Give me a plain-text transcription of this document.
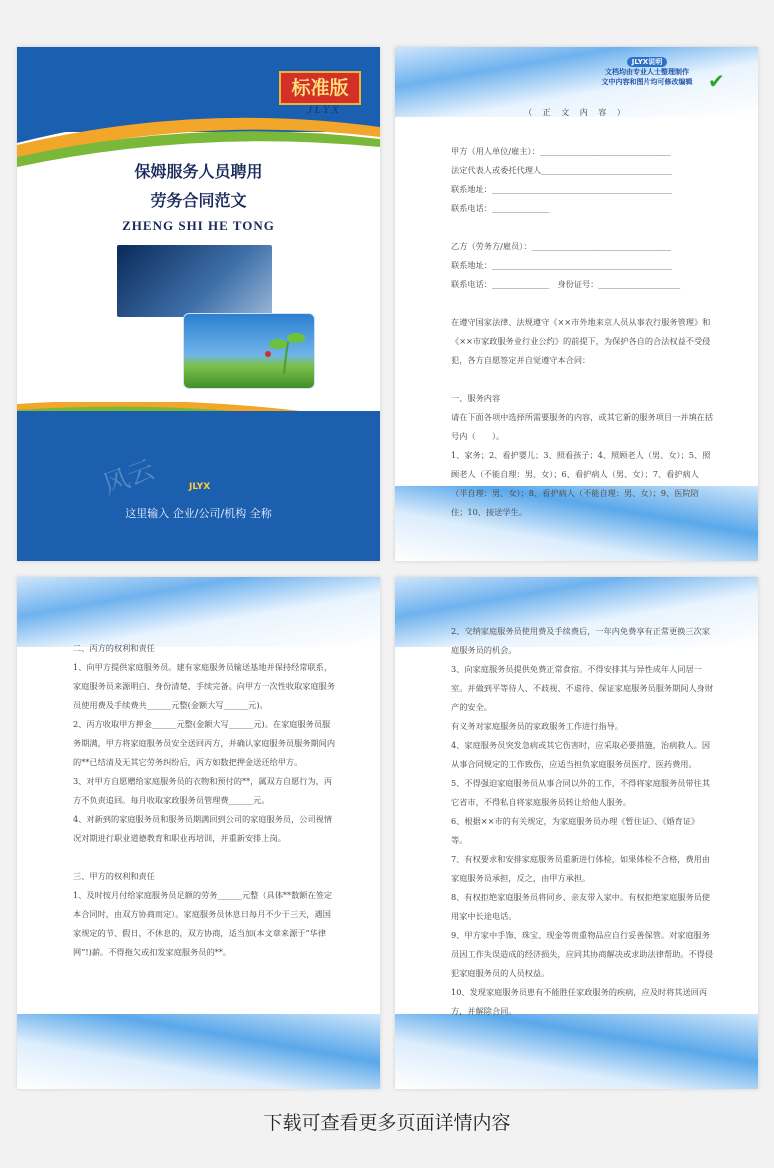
标准版
JLYX
保姆服务人员聘用
劳务合同范文
ZHENG SHI HE TONG
风云	JLYX
这里输入 企业/公司/机构 全称
JLYX说明
文档均由专业人士整理制作
文中内容和图片均可修改编辑 ✔
（ 正 文 内 容 ）

甲方（用人单位/雇主）：________________________________

法定代表人或委托代理人________________________________

联系地址：____________________________________________

联系电话：______________

乙方（劳务方/雇员）：__________________________________

联系地址：____________________________________________

联系电话：______________　身份证号：____________________

在遵守国家法律、法规遵守《××市外地来京人员从事农行服务管理》和《××市家政服务业行业公约》的前提下，为保护各自的合法权益不受侵犯，各方自愿签定并自觉遵守本合同：

一、服务内容

请在下面各项中选择所需要服务的内容，或其它新的服务项目一并填在括号内（　　）。

1、家务；2、看护婴儿；3、照看孩子；4、照顾老人（男、女）；5、照顾老人（不能自理：男、女）；6、看护病人（男、女）；7、看护病人（半自理：男、女）；8、看护病人（不能自理：男、女）；9、医院陪住；10、接送学生。

二、丙方的权利和责任

1、向甲方提供家庭服务员。建有家庭服务员输送基地并保持经常联系，家庭服务员来源明白、身份清楚、手续完备。向甲方一次性收取家庭服务员使用费及手续费共______元整(金额大写______元)。

2、丙方收取甲方押金______元整(金额大写______元)。在家庭服务员服务期满，甲方将家庭服务员安全送回丙方，并确认家庭服务员服务期间内的**已结清及无其它劳务纠纷后，丙方如数把押金送还给甲方。

3、对甲方自愿赠给家庭服务员的衣物和预付的**，属双方自愿行为，丙方不负责追回。每月收取家政服务员管理费______元。

4、对新到的家庭服务员和服务员期满回到公司的家庭服务员，公司视情况对期进行职业道德教育和职业再培训，并重新安排上岗。

三、甲方的权利和责任

1、及时按月付给家庭服务员足额的劳务______元整（具体**数额在签定本合同时，由双方协商而定）。家庭服务员休息日每月不少于三天，遇国家规定的节、假日，不休息的，双方协商，适当加(本文章来源于“华律网”!)薪。不得拖欠或扣发家庭服务员的**。

2、交纳家庭服务员使用费及手续费后，一年内免费享有正常更换三次家庭服务员的机会。

3、向家庭服务员提供免费正常食宿。不得安排其与异性成年人同居一室。并做到平等待人、不歧视、不虐待、保证家庭服务员服务期间人身财产的安全。

有义务对家庭服务员的家政服务工作进行指导。

4、家庭服务员突发急病或其它伤害时，应采取必要措施，治病救人。因从事合同规定的工作致伤，应适当担负家庭服务员医疗、医药费用。

5、不得强迫家庭服务员从事合同以外的工作，不得将家庭服务员带往其它省市，不得私自将家庭服务员转让给他人服务。

6、根据××市的有关规定，为家庭服务员办理《暂住证》、《婚育证》等。

7、有权要求和安排家庭服务员重新进行体检，如果体检不合格，费用由家庭服务员承担，反之，由甲方承担。

8、有权拒绝家庭服务员将同乡、亲友带入家中。有权拒绝家庭服务员使用家中长途电话。

9、甲方家中手饰、珠宝、现金等贵重物品应自行妥善保管。对家庭服务员因工作失误造成的经济损失，应同其协商解决或求助法律帮助。不得侵犯家庭服务员的人员权益。

10、发现家庭服务员患有不能胜任家政服务的疾病，应及时将其送回丙方，并解除合同。

下载可查看更多页面详情内容
